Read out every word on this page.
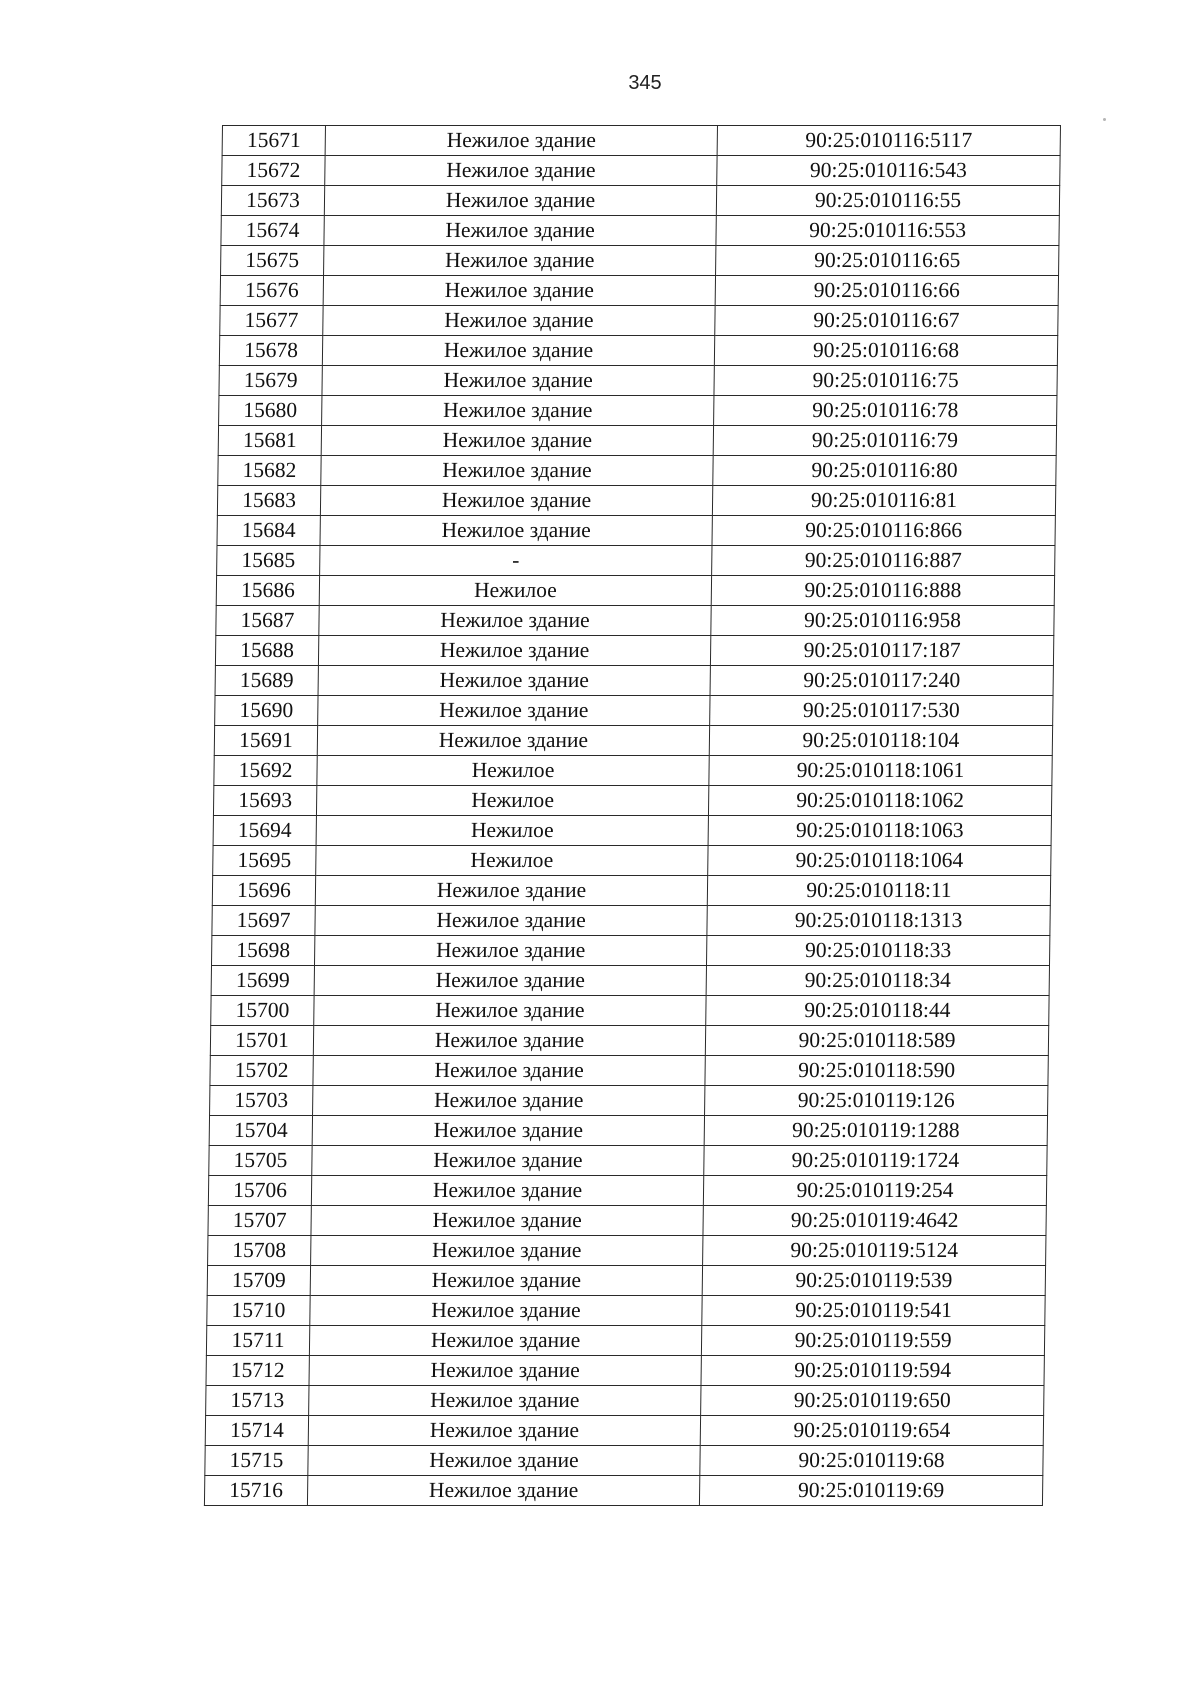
345
15671	Нежилое здание	90:25:010116:5117
15672	Нежилое здание	90:25:010116:543
15673	Нежилое здание	90:25:010116:55
15674	Нежилое здание	90:25:010116:553
15675	Нежилое здание	90:25:010116:65
15676	Нежилое здание	90:25:010116:66
15677	Нежилое здание	90:25:010116:67
15678	Нежилое здание	90:25:010116:68
15679	Нежилое здание	90:25:010116:75
15680	Нежилое здание	90:25:010116:78
15681	Нежилое здание	90:25:010116:79
15682	Нежилое здание	90:25:010116:80
15683	Нежилое здание	90:25:010116:81
15684	Нежилое здание	90:25:010116:866
15685	-	90:25:010116:887
15686	Нежилое	90:25:010116:888
15687	Нежилое здание	90:25:010116:958
15688	Нежилое здание	90:25:010117:187
15689	Нежилое здание	90:25:010117:240
15690	Нежилое здание	90:25:010117:530
15691	Нежилое здание	90:25:010118:104
15692	Нежилое	90:25:010118:1061
15693	Нежилое	90:25:010118:1062
15694	Нежилое	90:25:010118:1063
15695	Нежилое	90:25:010118:1064
15696	Нежилое здание	90:25:010118:11
15697	Нежилое здание	90:25:010118:1313
15698	Нежилое здание	90:25:010118:33
15699	Нежилое здание	90:25:010118:34
15700	Нежилое здание	90:25:010118:44
15701	Нежилое здание	90:25:010118:589
15702	Нежилое здание	90:25:010118:590
15703	Нежилое здание	90:25:010119:126
15704	Нежилое здание	90:25:010119:1288
15705	Нежилое здание	90:25:010119:1724
15706	Нежилое здание	90:25:010119:254
15707	Нежилое здание	90:25:010119:4642
15708	Нежилое здание	90:25:010119:5124
15709	Нежилое здание	90:25:010119:539
15710	Нежилое здание	90:25:010119:541
15711	Нежилое здание	90:25:010119:559
15712	Нежилое здание	90:25:010119:594
15713	Нежилое здание	90:25:010119:650
15714	Нежилое здание	90:25:010119:654
15715	Нежилое здание	90:25:010119:68
15716	Нежилое здание	90:25:010119:69
